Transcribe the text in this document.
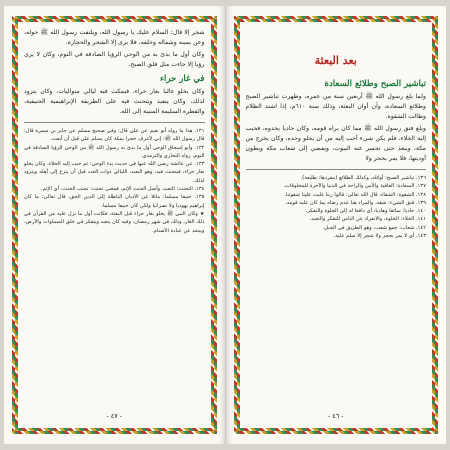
شجر إلا قال: السلام عليك يا رسول الله، ويلتفت رسول الله ﷺ حوله، وعن يمينه وشماله وخلفه، فلا يرى إلا الشجر والحجارة.

وكان أول ما بدئ به من الوحي الرؤيا الصادقة في النوم، وكان لا يرى رؤيا إلا جاءت مثل فلق الصبح.

في غار حراء

وكان يخلو غالبا بغار حراء، فيمكث فيه ليالي متواليات، وكان يتزود لذلك، وكان يتعبد ويتحنث فيه على الطريقة الإبراهيمية الحنيفية، والفطرة السليمة المنيبة إلى الله.

١٣١. هذا ما رواه أبو نعيم عن علي قال: وفي صحيح مسلم عن جابر بن سمرة قال: قال رسول الله ﷺ: إني لأعرف حجرا بمكة كان يسلم علي قبل أن أبعث.

١٣٢. وأبو إسحاق الوحي أول ما بدئ به رسول الله ﷺ من الوحي الرؤيا الصادقة في النوم، رواه البخاري والترمذي.

١٣٣. عن عائشة رضي الله عنها في حديث بدء الوحي: ثم حبب إليه الخلاء، وكان يخلو بغار حراء، فيتحنث فيه، وهو التعبد، الليالي ذوات العدد قبل أن ينزع إلى أهله ويتزود لذلك.

١٣٤. التحنث: التعبد، وأصل الحنث الإثم، فمعنى تحنث: تجنب الحنث، أي الإثم.

١٣٥. حنيفا مسلما: مائلا عن الأديان الباطلة إلى الدين الحق، قال تعالى: ما كان إبراهيم يهوديا ولا نصرانيا ولكن كان حنيفا مسلما.

★ وكان النبي ﷺ يخلو بغار حراء قبل البعثة، فكانت أول ما نزل عليه من القرآن في ذلك الغار، وذلك في شهر رمضان، وفيه كان يتعبد ويتفكر في خلق السماوات والأرض، ويبتعد عن عبادة الأصنام.

- ٤٧ -
بعد البعثة
تباشير الصبح وطلائع السعادة

ولما بلغ رسول الله ﷺ أربعين سنة من عمره، وظهرت تباشير الصبح وطلائع السعادة، وآن أوان البعثة، وذلك سنة ٦١٠م، إذا اشتد الظلام وطالت الشقوة.

وبلغ فتق رسول الله ﷺ مما كان يراه قومه، وكان حاديا يحدوه، فحبب إليه الخلاء، فلم يكن شيء أحب إليه من أن يخلو وحده، وكان يخرج من مكة، ويبعد حتى تحسر عنه البيوت، ويفضي إلى شعاب مكة وبطون أوديتها، فلا يمر بحجر ولا

١٣٦. تباشير الصبح: أوائله، وكذلك الطلائع (مفردها: طليعة).

١٣٧. السعادة: العافية والأمن والراحة في الدنيا والآخرة للمخلوقات.

١٣٨. الشقوة: الشقاء، قال الله تعالى: قالوا ربنا غلبت علينا شقوتنا.

١٣٩. فتق الشيء: شقه، والمراد هنا عدم رضاه بما كان عليه قومه.

١٤٠. حاديا: سائقا وهاديا، أي دافعا له إلى الخلوة والتفكر.

١٤١. الخلاء: الخلوة، والانفراد عن الناس للتفكر والتعبد.

١٤٢. شعاب: جمع شعب، وهو الطريق في الجبل.

١٤٣. أي لا يمر بحجر ولا شجر إلا سلم عليه.

- ٤٦ -
